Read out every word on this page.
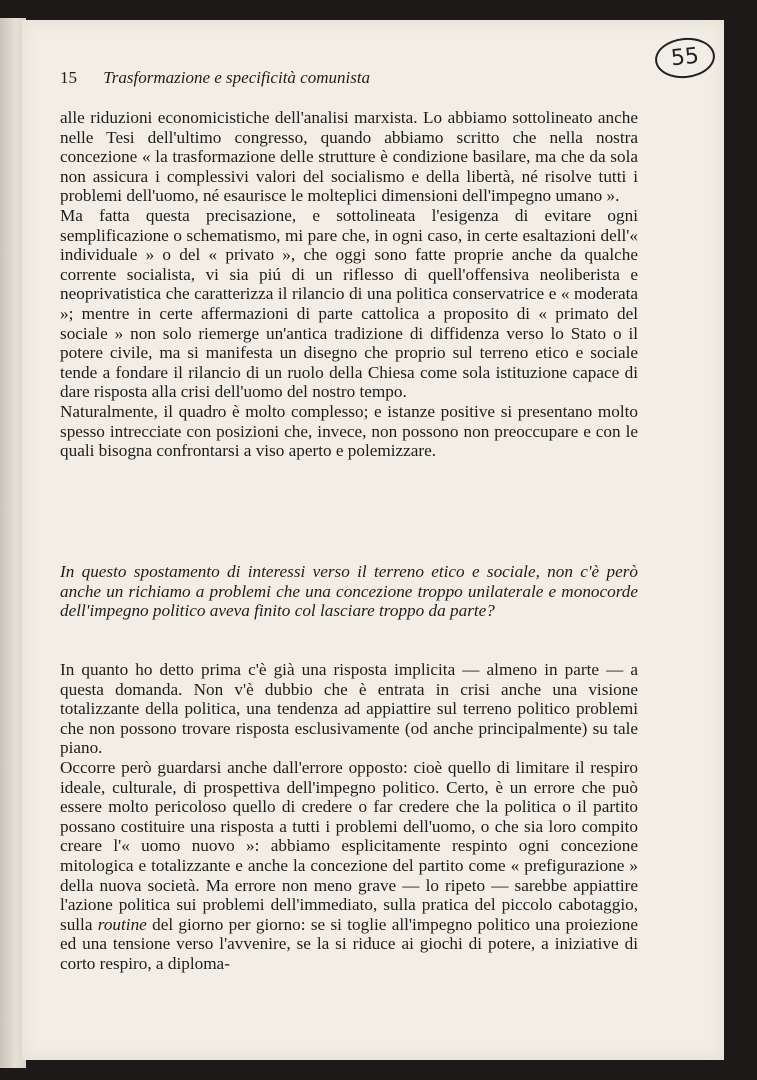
55
15 Trasformazione e specificità comunista

alle riduzioni economicistiche dell'analisi marxista. Lo abbiamo sottolineato anche nelle Tesi dell'ultimo congresso, quando abbiamo scritto che nella nostra concezione « la trasformazione delle strutture è condizione basilare, ma che da sola non assicura i complessivi valori del socialismo e della libertà, né risolve tutti i problemi dell'uomo, né esaurisce le molteplici dimensioni dell'impegno umano ».

Ma fatta questa precisazione, e sottolineata l'esigenza di evitare ogni semplificazione o schematismo, mi pare che, in ogni caso, in certe esaltazioni dell'« individuale » o del « privato », che oggi sono fatte proprie anche da qualche corrente socialista, vi sia piú di un riflesso di quell'offensiva neoliberista e neoprivatistica che caratterizza il rilancio di una politica conservatrice e « moderata »; mentre in certe affermazioni di parte cattolica a proposito di « primato del sociale » non solo riemerge un'antica tradizione di diffidenza verso lo Stato o il potere civile, ma si manifesta un disegno che proprio sul terreno etico e sociale tende a fondare il rilancio di un ruolo della Chiesa come sola istituzione capace di dare risposta alla crisi dell'uomo del nostro tempo.

Naturalmente, il quadro è molto complesso; e istanze positive si presentano molto spesso intrecciate con posizioni che, invece, non possono non preoccupare e con le quali bisogna confrontarsi a viso aperto e polemizzare.

In questo spostamento di interessi verso il terreno etico e sociale, non c'è però anche un richiamo a problemi che una concezione troppo unilaterale e monocorde dell'impegno politico aveva finito col lasciare troppo da parte?

In quanto ho detto prima c'è già una risposta implicita — almeno in parte — a questa domanda. Non v'è dubbio che è entrata in crisi anche una visione totalizzante della politica, una tendenza ad appiattire sul terreno politico problemi che non possono trovare risposta esclusivamente (od anche principalmente) su tale piano.

Occorre però guardarsi anche dall'errore opposto: cioè quello di limitare il respiro ideale, culturale, di prospettiva dell'impegno politico. Certo, è un errore che può essere molto pericoloso quello di credere o far credere che la politica o il partito possano costituire una risposta a tutti i problemi dell'uomo, o che sia loro compito creare l'« uomo nuovo »: abbiamo esplicitamente respinto ogni concezione mitologica e totalizzante e anche la concezione del partito come « prefigurazione » della nuova società. Ma errore non meno grave — lo ripeto — sarebbe appiattire l'azione politica sui problemi dell'immediato, sulla pratica del piccolo cabotaggio, sulla routine del giorno per giorno: se si toglie all'impegno politico una proiezione ed una tensione verso l'avvenire, se la si riduce ai giochi di potere, a iniziative di corto respiro, a diploma-
